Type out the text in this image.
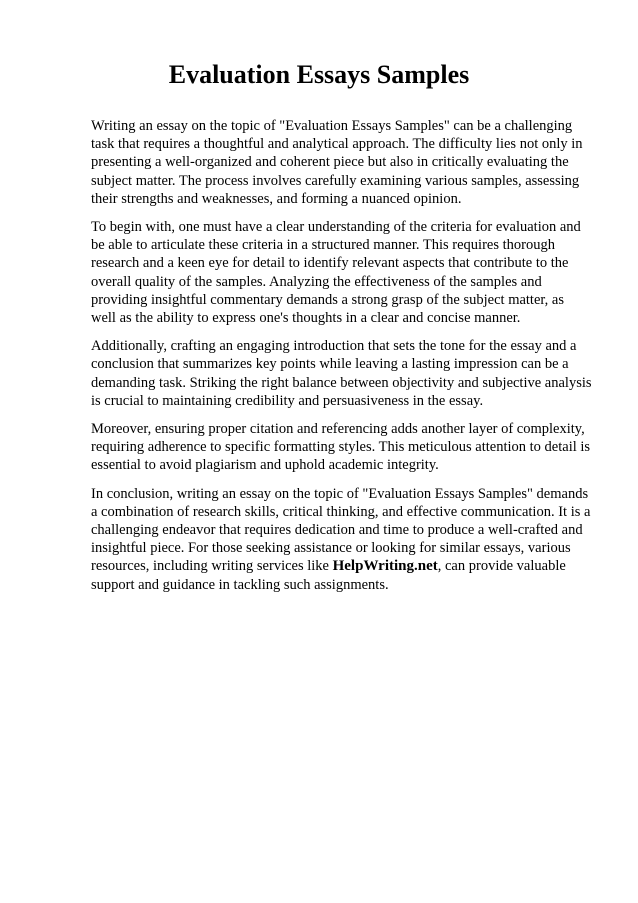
Evaluation Essays Samples

Writing an essay on the topic of "Evaluation Essays Samples" can be a challenging task that requires a thoughtful and analytical approach. The difficulty lies not only in presenting a well-organized and coherent piece but also in critically evaluating the subject matter. The process involves carefully examining various samples, assessing their strengths and weaknesses, and forming a nuanced opinion.

To begin with, one must have a clear understanding of the criteria for evaluation and be able to articulate these criteria in a structured manner. This requires thorough research and a keen eye for detail to identify relevant aspects that contribute to the overall quality of the samples. Analyzing the effectiveness of the samples and providing insightful commentary demands a strong grasp of the subject matter, as well as the ability to express one's thoughts in a clear and concise manner.

Additionally, crafting an engaging introduction that sets the tone for the essay and a conclusion that summarizes key points while leaving a lasting impression can be a demanding task. Striking the right balance between objectivity and subjective analysis is crucial to maintaining credibility and persuasiveness in the essay.

Moreover, ensuring proper citation and referencing adds another layer of complexity, requiring adherence to specific formatting styles. This meticulous attention to detail is essential to avoid plagiarism and uphold academic integrity.

In conclusion, writing an essay on the topic of "Evaluation Essays Samples" demands a combination of research skills, critical thinking, and effective communication. It is a challenging endeavor that requires dedication and time to produce a well-crafted and insightful piece. For those seeking assistance or looking for similar essays, various resources, including writing services like HelpWriting.net, can provide valuable support and guidance in tackling such assignments.
